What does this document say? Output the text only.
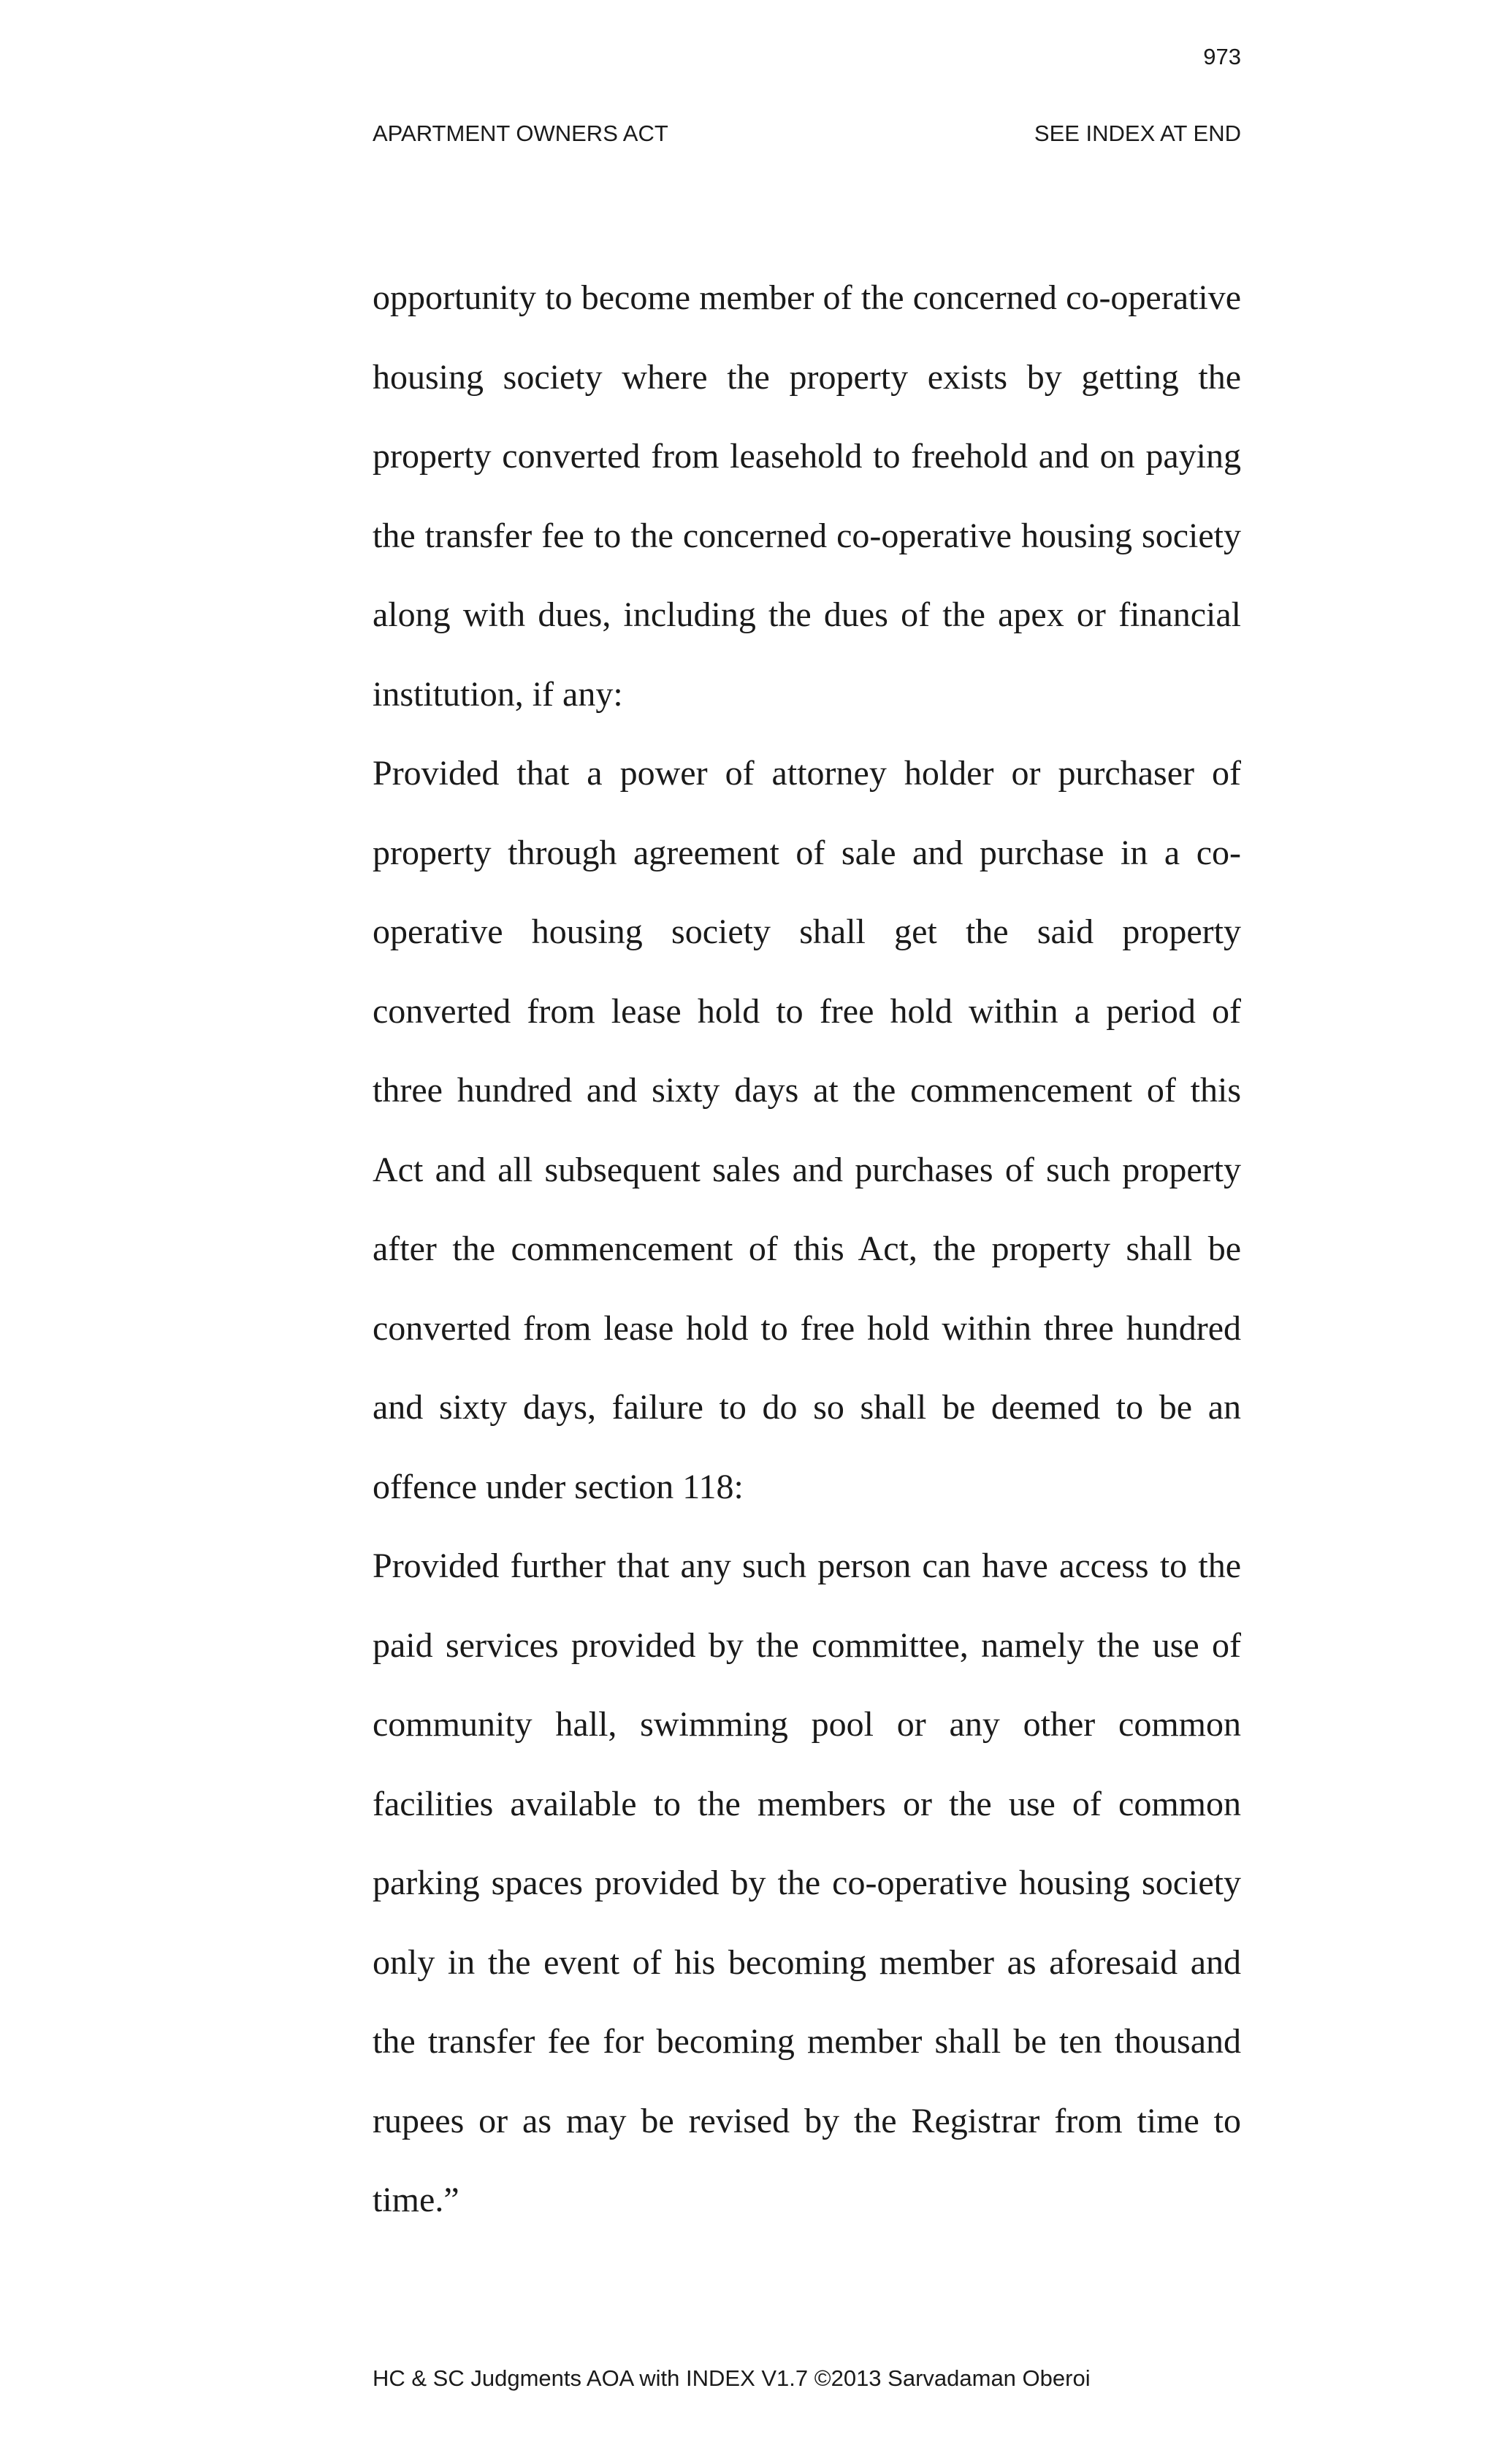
973
APARTMENT OWNERS ACT	SEE INDEX AT END

opportunity to become member of the concerned co-operative housing society where the property exists by getting the property converted from leasehold to freehold and on paying the transfer fee to the concerned co-operative housing society along with dues, including the dues of the apex or financial institution, if any:

Provided that a power of attorney holder or purchaser of property through agreement of sale and purchase in a co-operative housing society shall get the said property converted from lease hold to free hold within a period of three hundred and sixty days at the commencement of this Act and all subsequent sales and purchases of such property after the commencement of this Act, the property shall be converted from lease hold to free hold within three hundred and sixty days, failure to do so shall be deemed to be an offence under section 118:

Provided further that any such person can have access to the paid services provided by the committee, namely the use of community hall, swimming pool or any other common facilities available to the members or the use of common parking spaces provided by the co-operative housing society only in the event of his becoming member as aforesaid and the transfer fee for becoming member shall be ten thousand rupees or as may be revised by the Registrar from time to time.”

HC & SC Judgments AOA with INDEX V1.7 ©2013 Sarvadaman Oberoi
